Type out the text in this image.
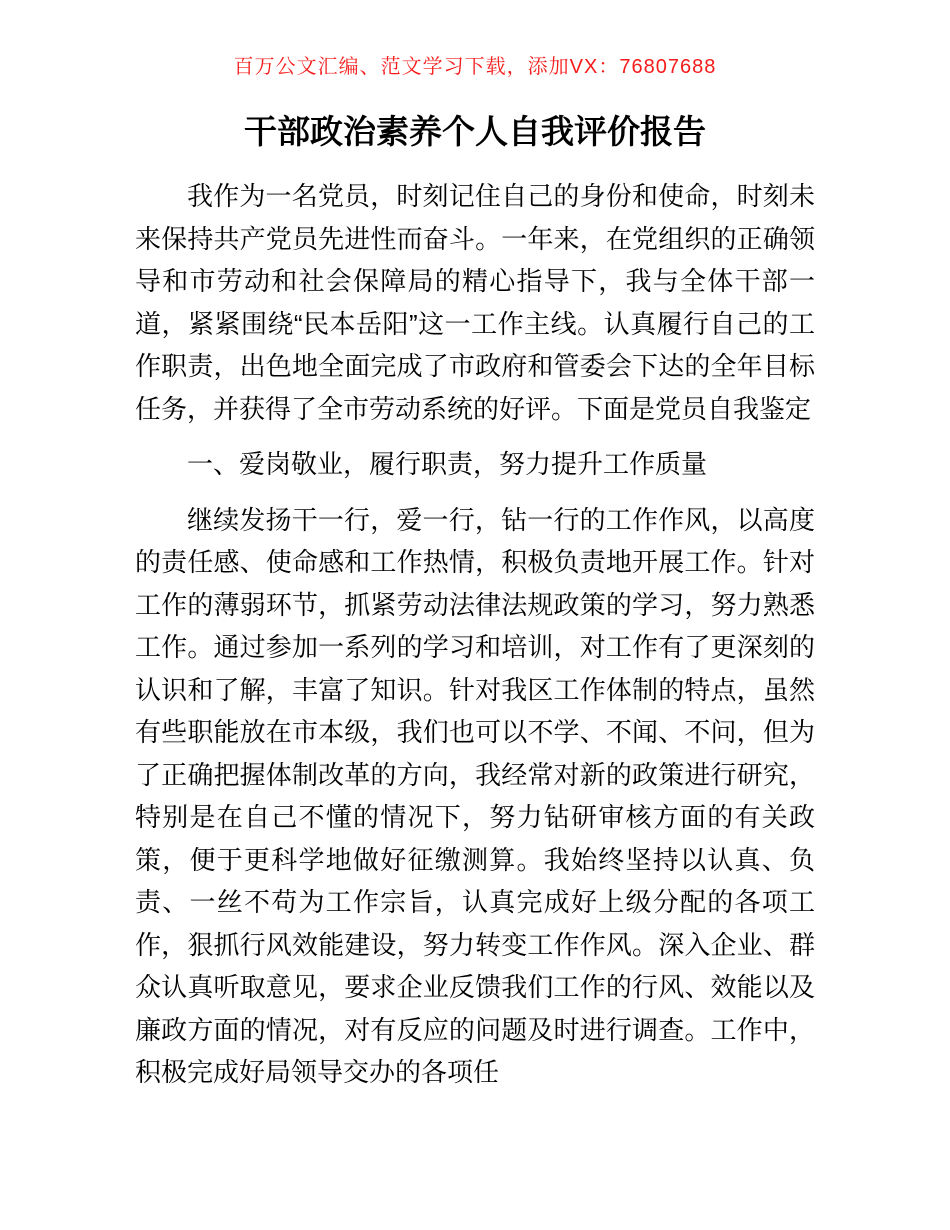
百万公文汇编、范文学习下载，添加VX：76807688
干部政治素养个人自我评价报告
我作为一名党员，时刻记住自己的身份和使命，时刻未来保持共产党员先进性而奋斗。一年来，在党组织的正确领导和市劳动和社会保障局的精心指导下，我与全体干部一道，紧紧围绕“民本岳阳”这一工作主线。认真履行自己的工作职责，出色地全面完成了市政府和管委会下达的全年目标任务，并获得了全市劳动系统的好评。下面是党员自我鉴定
一、爱岗敬业，履行职责，努力提升工作质量
继续发扬干一行，爱一行，钻一行的工作作风，以高度的责任感、使命感和工作热情，积极负责地开展工作。针对工作的薄弱环节，抓紧劳动法律法规政策的学习，努力熟悉工作。通过参加一系列的学习和培训，对工作有了更深刻的认识和了解，丰富了知识。针对我区工作体制的特点，虽然有些职能放在市本级，我们也可以不学、不闻、不问，但为了正确把握体制改革的方向，我经常对新的政策进行研究，特别是在自己不懂的情况下，努力钻研审核方面的有关政策，便于更科学地做好征缴测算。我始终坚持以认真、负责、一丝不苟为工作宗旨，认真完成好上级分配的各项工作，狠抓行风效能建设，努力转变工作作风。深入企业、群众认真听取意见，要求企业反馈我们工作的行风、效能以及廉政方面的情况，对有反应的问题及时进行调查。工作中，积极完成好局领导交办的各项任
